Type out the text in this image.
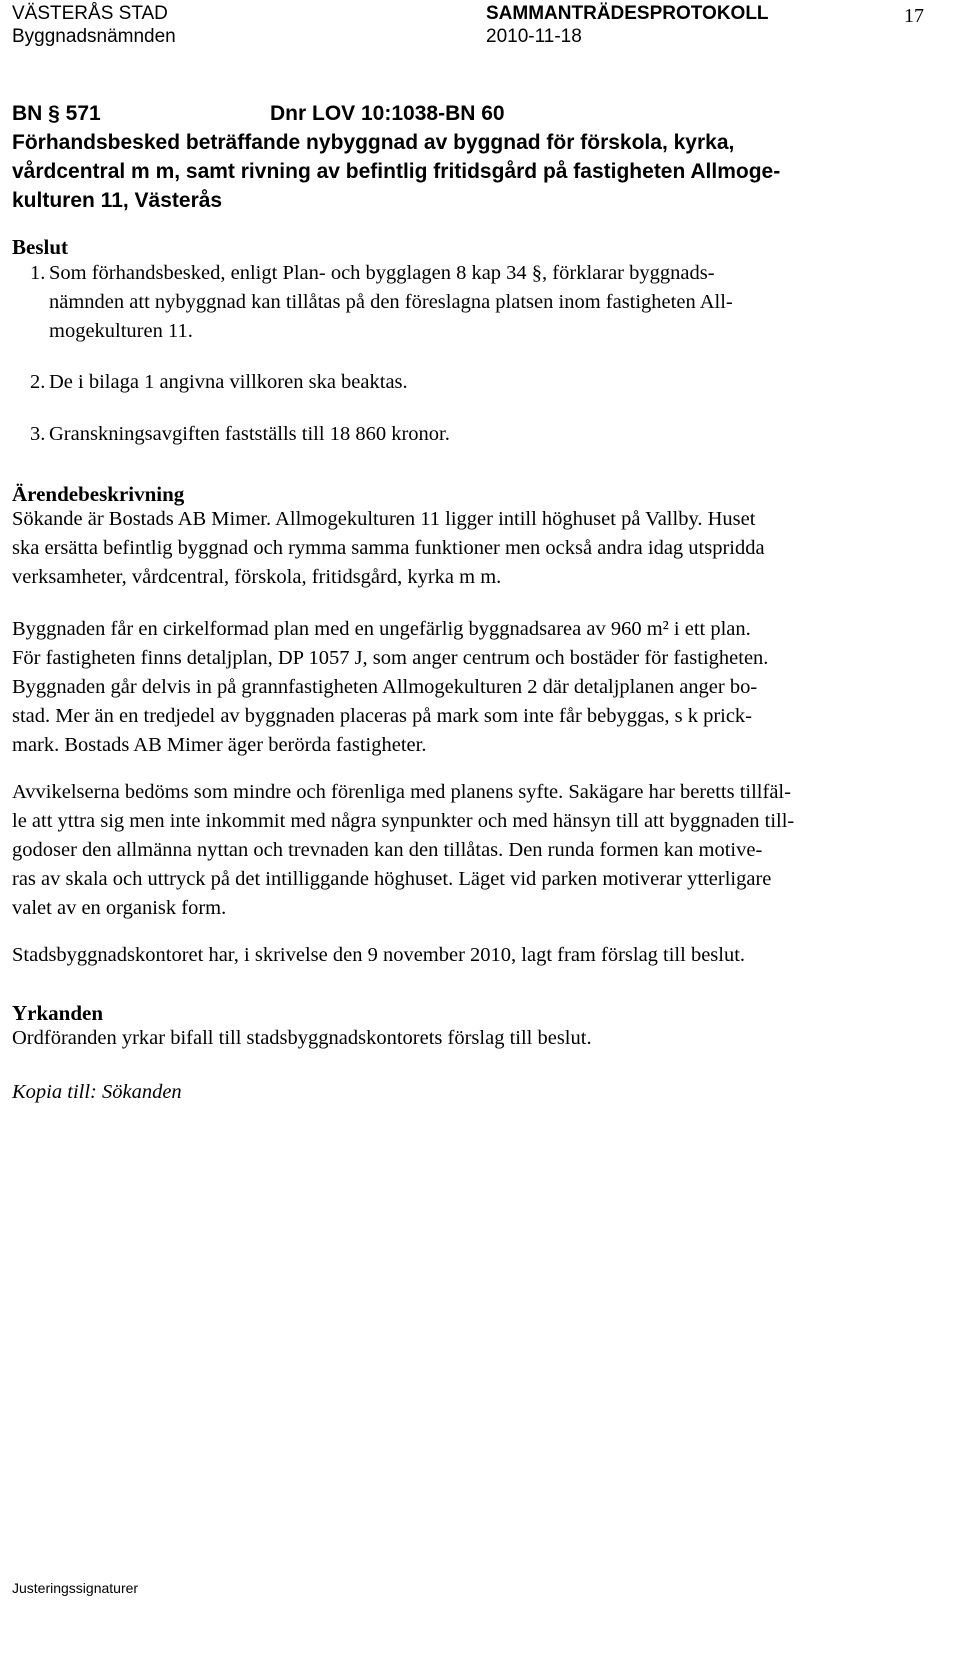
VÄSTERÅS STAD	SAMMANTRÄDESPROTOKOLL	17
Byggnadsnämnden	2010-11-18
BN § 571	Dnr LOV 10:1038-BN 60
Förhandsbesked beträffande nybyggnad av byggnad för förskola, kyrka,
vårdcentral m m, samt rivning av befintlig fritidsgård på fastigheten Allmoge-
kulturen 11, Västerås
Beslut
1. Som förhandsbesked, enligt Plan- och bygglagen 8 kap 34 §, förklarar byggnads-
nämnden att nybyggnad kan tillåtas på den föreslagna platsen inom fastigheten All-
mogekulturen 11.
2. De i bilaga 1 angivna villkoren ska beaktas.
3. Granskningsavgiften fastställs till 18 860 kronor.
Ärendebeskrivning
Sökande är Bostads AB Mimer. Allmogekulturen 11 ligger intill höghuset på Vallby. Huset
ska ersätta befintlig byggnad och rymma samma funktioner men också andra idag utspridda
verksamheter, vårdcentral, förskola, fritidsgård, kyrka m m.
Byggnaden får en cirkelformad plan med en ungefärlig byggnadsarea av 960 m² i ett plan.
För fastigheten finns detaljplan, DP 1057 J, som anger centrum och bostäder för fastigheten.
Byggnaden går delvis in på grannfastigheten Allmogekulturen 2 där detaljplanen anger bo-
stad. Mer än en tredjedel av byggnaden placeras på mark som inte får bebyggas, s k prick-
mark. Bostads AB Mimer äger berörda fastigheter.
Avvikelserna bedöms som mindre och förenliga med planens syfte. Sakägare har beretts tillfäl-
le att yttra sig men inte inkommit med några synpunkter och med hänsyn till att byggnaden till-
godoser den allmänna nyttan och trevnaden kan den tillåtas. Den runda formen kan motive-
ras av skala och uttryck på det intilliggande höghuset. Läget vid parken motiverar ytterligare
valet av en organisk form.
Stadsbyggnadskontoret har, i skrivelse den 9 november 2010, lagt fram förslag till beslut.
Yrkanden
Ordföranden yrkar bifall till stadsbyggnadskontorets förslag till beslut.
Kopia till: Sökanden
Justeringssignaturer
